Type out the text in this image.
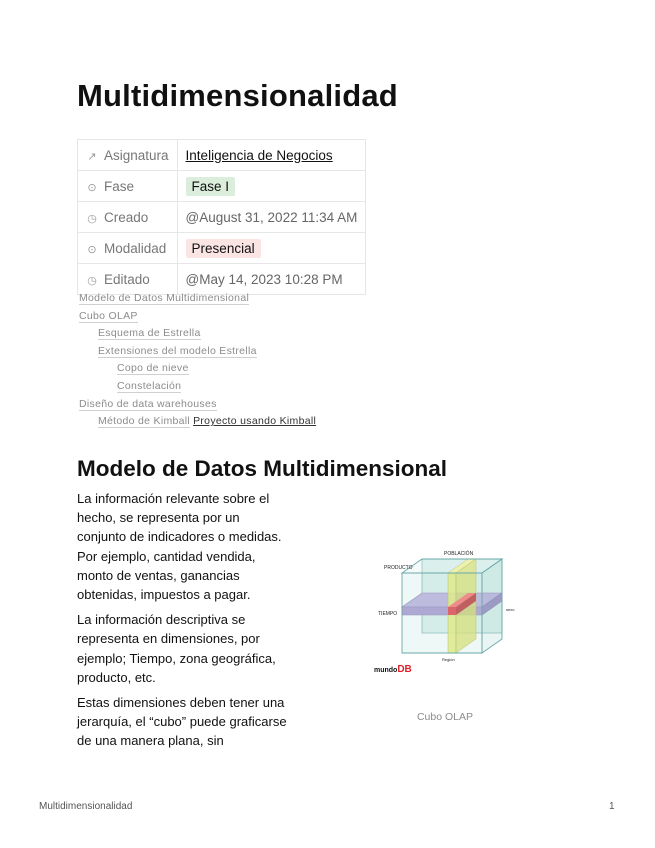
Multidimensionalidad
↗ Asignatura	Inteligencia de Negocios
⊙ Fase	Fase I
◷ Creado	@August 31, 2022 11:34 AM
⊙ Modalidad	Presencial
◷ Editado	@May 14, 2023 10:28 PM
Modelo de Datos Multidimensional
Cubo OLAP
Esquema de Estrella
Extensiones del modelo Estrella
Copo de nieve
Constelación
Diseño de data warehouses
Método de Kimball Proyecto usando Kimball
Modelo de Datos Multidimensional

La información relevante sobre el hecho, se representa por un conjunto de indicadores o medidas. Por ejemplo, cantidad vendida, monto de ventas, ganancias obtenidas, impuestos a pagar.

La información descriptiva se representa en dimensiones, por ejemplo; Tiempo, zona geográfica, producto, etc.

Estas dimensiones deben tener una jerarquía, el “cubo” puede graficarse de una manera plana, sin

POBLACIÓN
PRODUCTO
TIEMPO
sexo
Región
mundoDB
Cubo OLAP
Multidimensionalidad	1
